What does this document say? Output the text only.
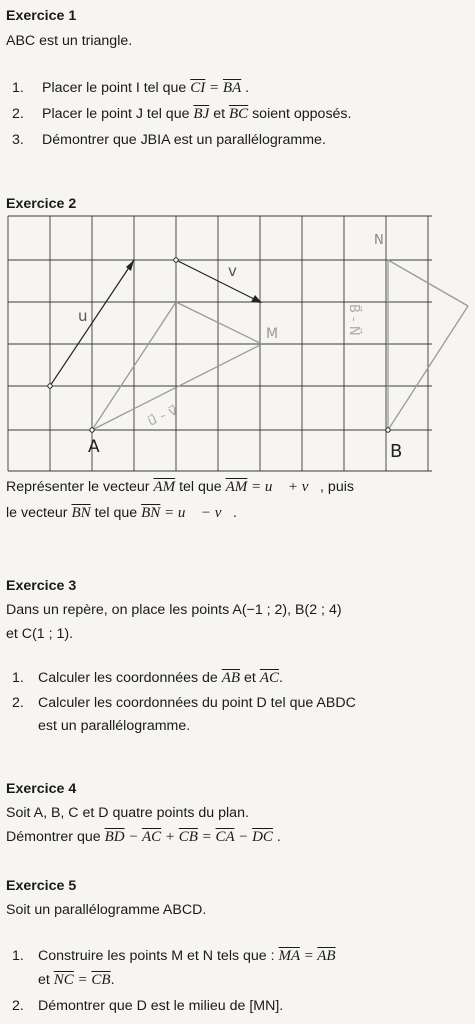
Exercice 1
ABC est un triangle.
1. Placer le point I tel que $\overline{CI} = \overline{BA}$ .
2. Placer le point J tel que $\overline{BJ}$ et $\overline{BC}$ soient opposés.
3. Démontrer que JBIA est un parallélogramme.
Exercice 2
A	B
u
v
M
N
u⃗ - v⃗
B⃗ - N⃗
Représenter le vecteur $\overline{AM}$ tel que $\overline{AM}$ = u⃗ + v⃗, puis
le vecteur $\overline{BN}$ tel que $\overline{BN}$ = u⃗ − v⃗.
Exercice 3
Dans un repère, on place les points A(−1 ; 2), B(2 ; 4)
et C(1 ; 1).
1. Calculer les coordonnées de $\overline{AB}$ et $\overline{AC}$.
2. Calculer les coordonnées du point D tel que ABDC
est un parallélogramme.
Exercice 4
Soit A, B, C et D quatre points du plan.
Démontrer que $\overline{BD} - \overline{AC} + \overline{CB} = \overline{CA} - \overline{DC}$ .
Exercice 5
Soit un parallélogramme ABCD.
1. Construire les points M et N tels que : $\overline{MA} = \overline{AB}$
et $\overline{NC} = \overline{CB}$.
2. Démontrer que D est le milieu de [MN].
